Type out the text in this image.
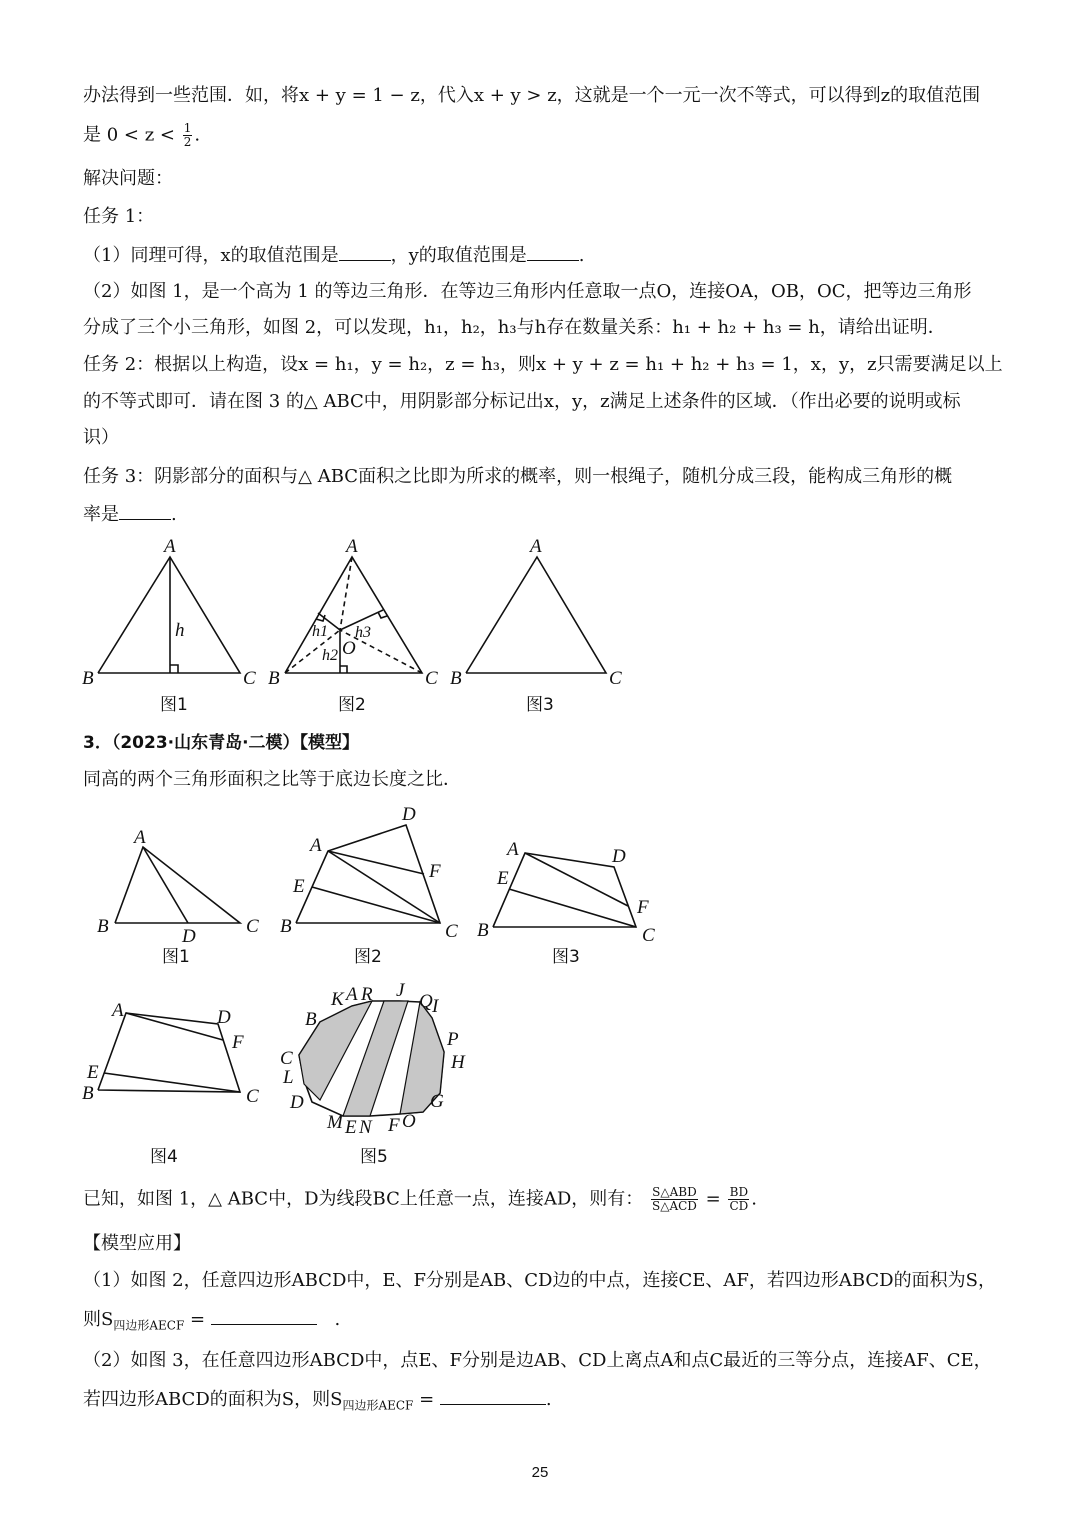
办法得到一些范围．如，将x + y = 1 − z，代入x + y > z，这就是一个一元一次不等式，可以得到z的取值范围
是 $0 < z < \frac{1}{2}$ .
解决问题：
任务 1：
（1）同理可得，x的取值范围是	，y的取值范围是	.
（2）如图 1，是一个高为 1 的等边三角形．在等边三角形内任意取一点O，连接OA，OB，OC，把等边三角形
分成了三个小三角形，如图 2，可以发现，h₁，h₂，h₃与h存在数量关系：h₁ + h₂ + h₃ = h，请给出证明．
任务 2：根据以上构造，设x = h₁，y = h₂，z = h₃，则x + y + z = h₁ + h₂ + h₃ = 1，x，y，z只需要满足以上
的不等式即可．请在图 3 的△ ABC中，用阴影部分标记出x，y，z满足上述条件的区域．（作出必要的说明或标
识）
任务 3：阴影部分的面积与△ ABC面积之比即为所求的概率，则一根绳子，随机分成三段，能构成三角形的概
率是	.
A
B	C
h
图1
A
B	C
O
h1
h2
h3
图2
A
B	C
图3
3．（2023·山东青岛·二模）【模型】
同高的两个三角形面积之比等于底边长度之比．
A
B	C
D
图1
A
B	C
D
E
F
图2
A
B	C
D
E
F
图3
A
B	C
D
E
F
图4
K A R J
Q I
B
P
H
C
L
D	G
M E N F O
图5
已知，如图 1，△ ABC中，D为线段BC上任意一点，连接AD，则有： $\frac{\text{S△ABD}}{\text{S△ACD}} = \frac{BD}{CD}$ .
【模型应用】
（1）如图 2，任意四边形ABCD中，E、F分别是AB、CD边的中点，连接CE、AF，若四边形ABCD的面积为S，
则$S_{四边形AECF}$ =	.
（2）如图 3，在任意四边形ABCD中，点E、F分别是边AB、CD上离点A和点C最近的三等分点，连接AF、CE，
若四边形ABCD的面积为S，则$S_{四边形AECF}$ =	.
25
